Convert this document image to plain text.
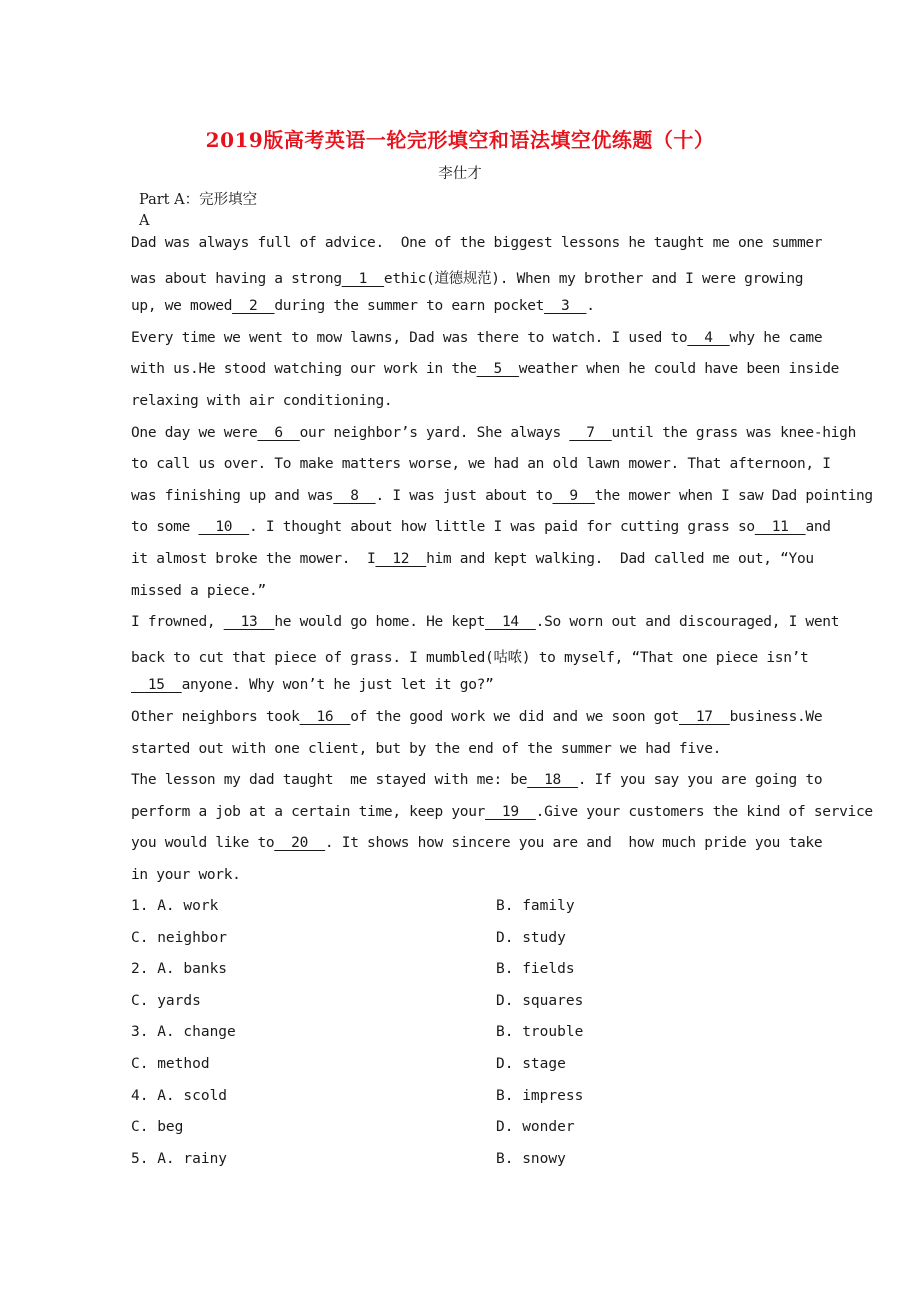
2019版高考英语一轮完形填空和语法填空优练题（十）
李仕才
Part A：完形填空
A
Dad was always full of advice.  One of the biggest lessons he taught me one summer
was about having a strong__1__ethic(道德规范). When my brother and I were growing
up, we mowed__2__during the summer to earn pocket__3__.
Every time we went to mow lawns, Dad was there to watch. I used to__4__why he came
with us.He stood watching our work in the__5__weather when he could have been inside
relaxing with air conditioning.
One day we were__6__our neighbor’s yard. She always __7__until the grass was knee-high
to call us over. To make matters worse, we had an old lawn mower. That afternoon, I
was finishing up and was__8__. I was just about to__9__the mower when I saw Dad pointing
to some __10__. I thought about how little I was paid for cutting grass so__11__and
it almost broke the mower.  I__12__him and kept walking.  Dad called me out, “You
missed a piece.”
I frowned, __13__he would go home. He kept__14__.So worn out and discouraged, I went
back to cut that piece of grass. I mumbled(咕哝) to myself, “That one piece isn’t
__15__anyone. Why won’t he just let it go?”
Other neighbors took__16__of the good work we did and we soon got__17__business.We
started out with one client, but by the end of the summer we had five.
The lesson my dad taught  me stayed with me: be__18__. If you say you are going to
perform a job at a certain time, keep your__19__.Give your customers the kind of service
you would like to__20__. It shows how sincere you are and  how much pride you take
in your work.
1. A. work	B. family
C. neighbor	D. study
2. A. banks	B. fields
C. yards	D. squares
3. A. change	B. trouble
C. method	D. stage
4. A. scold	B. impress
C. beg	D. wonder
5. A. rainy	B. snowy
